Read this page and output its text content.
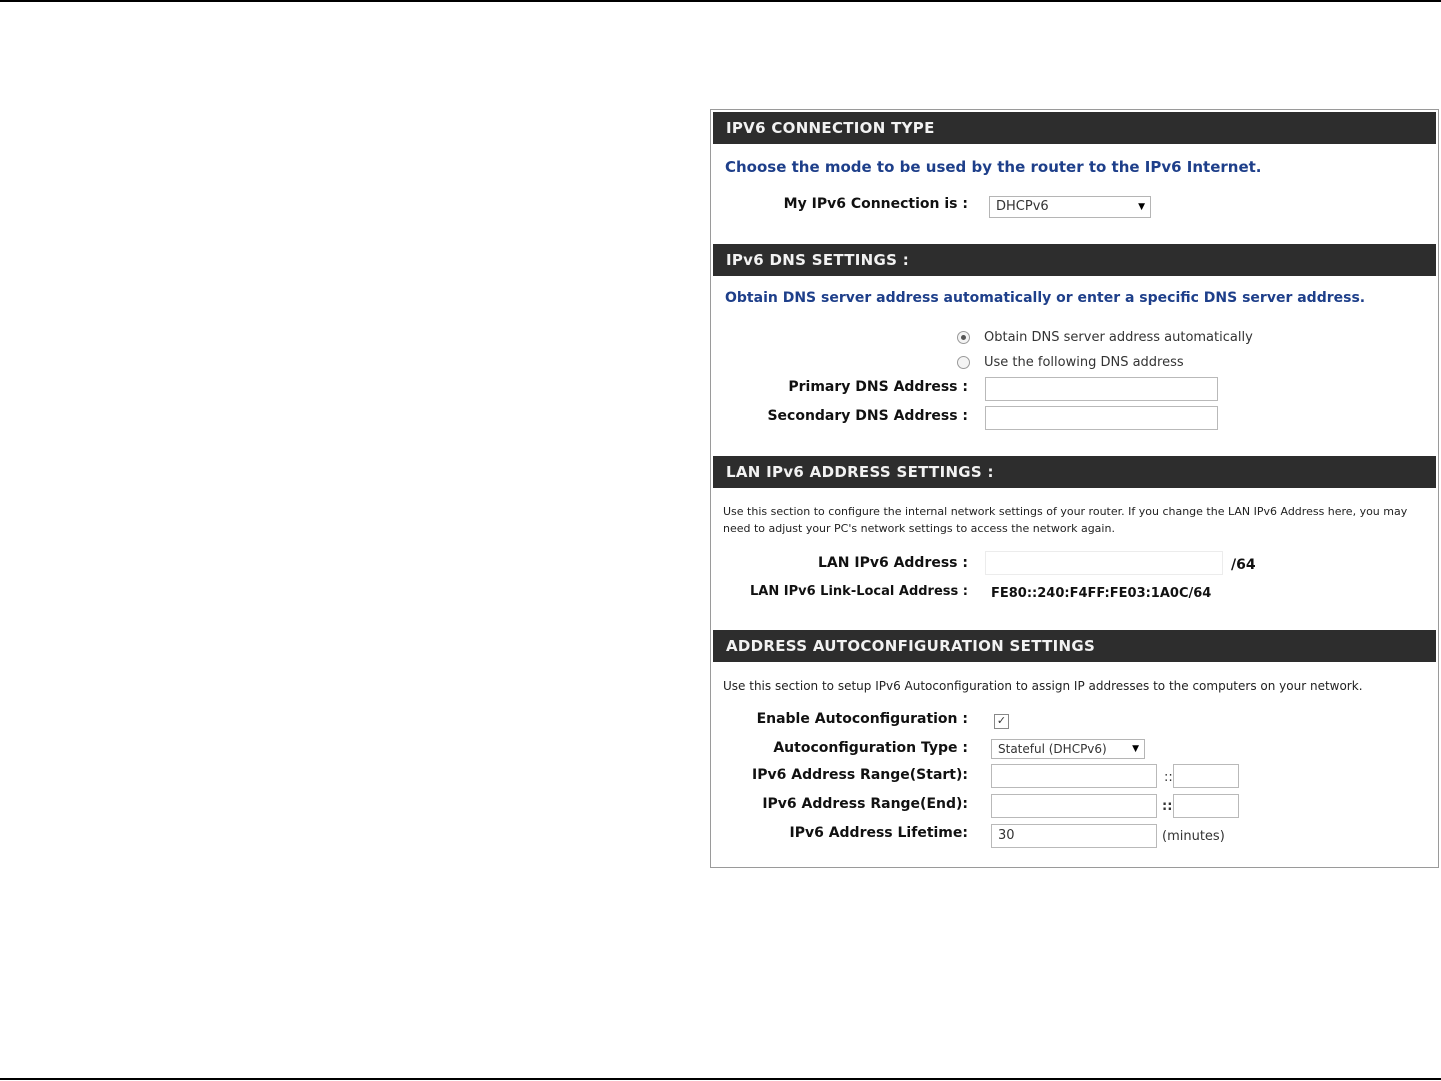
IPV6 CONNECTION TYPE
Choose the mode to be used by the router to the IPv6 Internet.
My IPv6 Connection is :	DHCPv6	▼
IPv6 DNS SETTINGS :
Obtain DNS server address automatically or enter a specific DNS server address.
Obtain DNS server address automatically
Use the following DNS address
Primary DNS Address :
Secondary DNS Address :
LAN IPv6 ADDRESS SETTINGS :
Use this section to configure the internal network settings of your router. If you change the LAN IPv6 Address here, you may need to adjust your PC's network settings to access the network again.
LAN IPv6 Address :	/64
LAN IPv6 Link-Local Address : FE80::240:F4FF:FE03:1A0C/64
ADDRESS AUTOCONFIGURATION SETTINGS
Use this section to setup IPv6 Autoconfiguration to assign IP addresses to the computers on your network.
Enable Autoconfiguration :	✓
Autoconfiguration Type :	Stateful (DHCPv6)	▼
IPv6 Address Range(Start):	::
IPv6 Address Range(End):	::
IPv6 Address Lifetime:	30	(minutes)
